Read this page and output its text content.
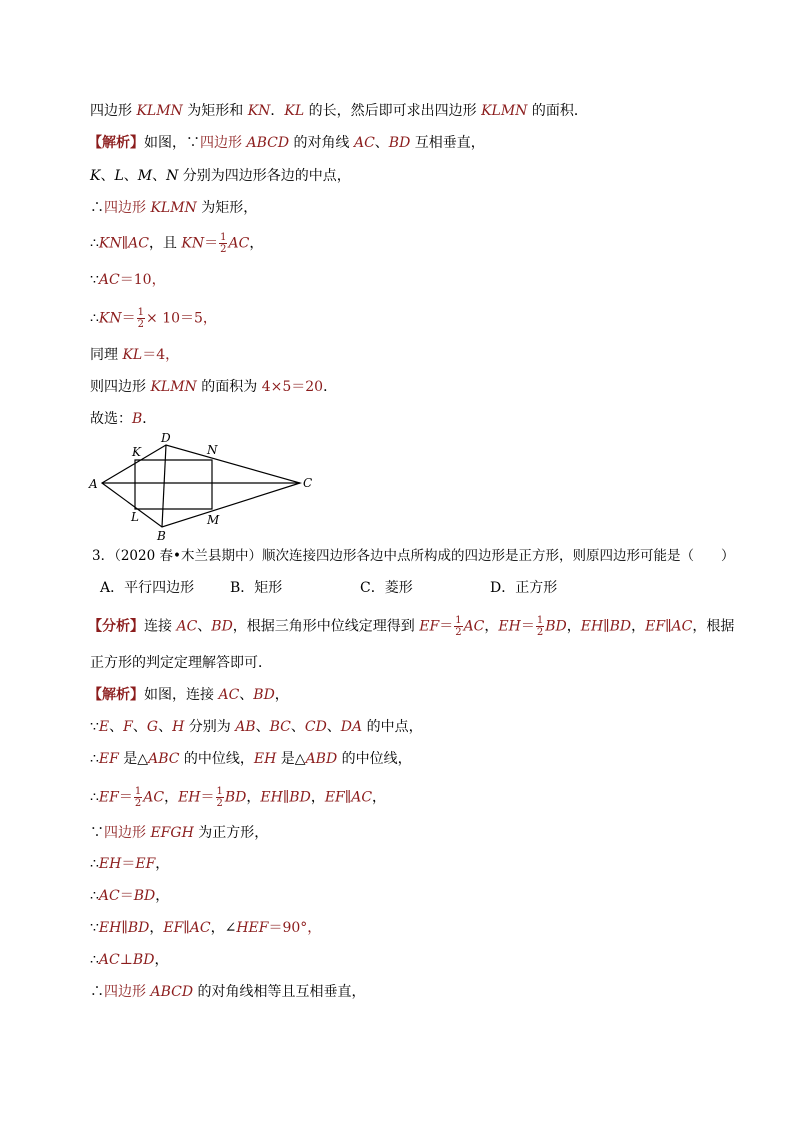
四边形 KLMN 为矩形和 KN．KL 的长，然后即可求出四边形 KLMN 的面积．
【解析】如图，∵四边形 ABCD 的对角线 AC、BD 互相垂直，
K、L、M、N 分别为四边形各边的中点，
∴四边形 KLMN 为矩形，
∴KN∥AC，且 $KN= \frac{1}{2}$ AC，
∵AC＝10，
∴KN＝ $\frac{1}{2} \times 10=5$，
同理 KL＝4，
则四边形 KLMN 的面积为 4×5＝20．
故选：B．
A
D
K	N
C
L	M
B
3．（2020 春•木兰县期中）顺次连接四边形各边中点所构成的四边形是正方形，则原四边形可能是（　　）
A．平行四边形	B．矩形	C．菱形	D．正方形
【分析】连接 AC、BD，根据三角形中位线定理得到 $EF= \frac{1}{2}$ AC，$EH= \frac{1}{2}$ BD，EH∥BD，EF∥AC，根据
正方形的判定定理解答即可．
【解析】如图，连接 AC、BD，
∵E、F、G、H 分别为 AB、BC、CD、DA 的中点，
∴EF 是△ABC 的中位线，EH 是△ABD 的中位线，
∴EF＝ $\frac{1}{2}$ AC，$EH= \frac{1}{2}$ BD，EH∥BD，EF∥AC，
∵四边形 EFGH 为正方形，
∴EH＝EF，
∴AC＝BD，
∵EH∥BD，EF∥AC，∠HEF＝90°，
∴AC⊥BD，
∴四边形 ABCD 的对角线相等且互相垂直，
